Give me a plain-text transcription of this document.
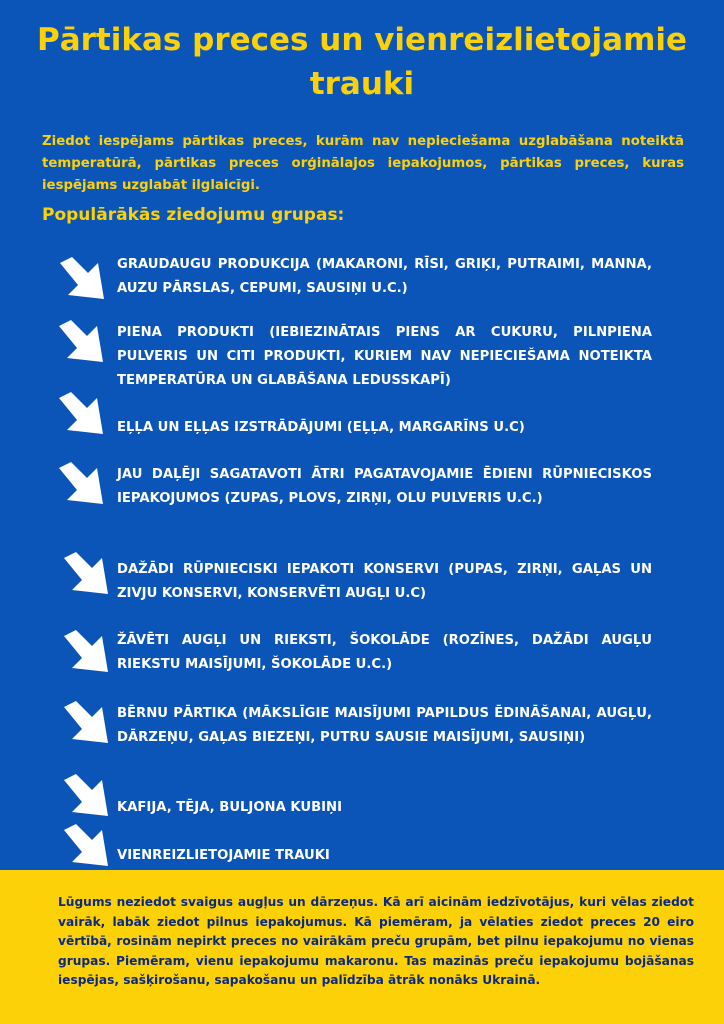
Pārtikas preces un vienreizlietojamie trauki

Ziedot iespējams pārtikas preces, kurām nav nepieciešama uzglabāšana noteiktā temperatūrā, pārtikas preces orģinālajos iepakojumos, pārtikas preces, kuras iespējams uzglabāt ilglaicīgi.

Populārākās ziedojumu grupas:

GRAUDAUGU PRODUKCIJA (MAKARONI, RĪSI, GRIĶI, PUTRAIMI, MANNA, AUZU PĀRSLAS, CEPUMI, SAUSIŅI U.C.)

PIENA PRODUKTI (IEBIEZINĀTAIS PIENS AR CUKURU, PILNPIENA PULVERIS UN CITI PRODUKTI, KURIEM NAV NEPIECIEŠAMA NOTEIKTA TEMPERATŪRA UN GLABĀŠANA LEDUSSKAPĪ)

EĻĻA UN EĻĻAS IZSTRĀDĀJUMI (EĻĻA, MARGARĪNS U.C)

JAU DAĻĒJI SAGATAVOTI ĀTRI PAGATAVOJAMIE ĒDIENI RŪPNIECISKOS IEPAKOJUMOS (ZUPAS, PLOVS, ZIRŅI, OLU PULVERIS U.C.)

DAŽĀDI RŪPNIECISKI IEPAKOTI KONSERVI (PUPAS, ZIRŅI, GAĻAS UN ZIVJU KONSERVI, KONSERVĒTI AUGĻI U.C)

ŽĀVĒTI AUGĻI UN RIEKSTI, ŠOKOLĀDE (ROZĪNES, DAŽĀDI AUGĻU RIEKSTU MAISĪJUMI, ŠOKOLĀDE U.C.)

BĒRNU PĀRTIKA (MĀKSLĪGIE MAISĪJUMI PAPILDUS ĒDINĀŠANAI, AUGĻU, DĀRZEŅU, GAĻAS BIEZEŅI, PUTRU SAUSIE MAISĪJUMI, SAUSIŅI)

KAFIJA, TĒJA, BULJONA KUBIŅI

VIENREIZLIETOJAMIE TRAUKI

Lūgums neziedot svaigus augļus un dārzeņus. Kā arī aicinām iedzīvotājus, kuri vēlas ziedot vairāk, labāk ziedot pilnus iepakojumus. Kā piemēram, ja vēlaties ziedot preces 20 eiro vērtībā, rosinām nepirkt preces no vairākām preču grupām, bet pilnu iepakojumu no vienas grupas. Piemēram, vienu iepakojumu makaronu. Tas mazinās preču iepakojumu bojāšanas iespējas, sašķirošanu, sapakošanu un palīdzība ātrāk nonāks Ukrainā.
